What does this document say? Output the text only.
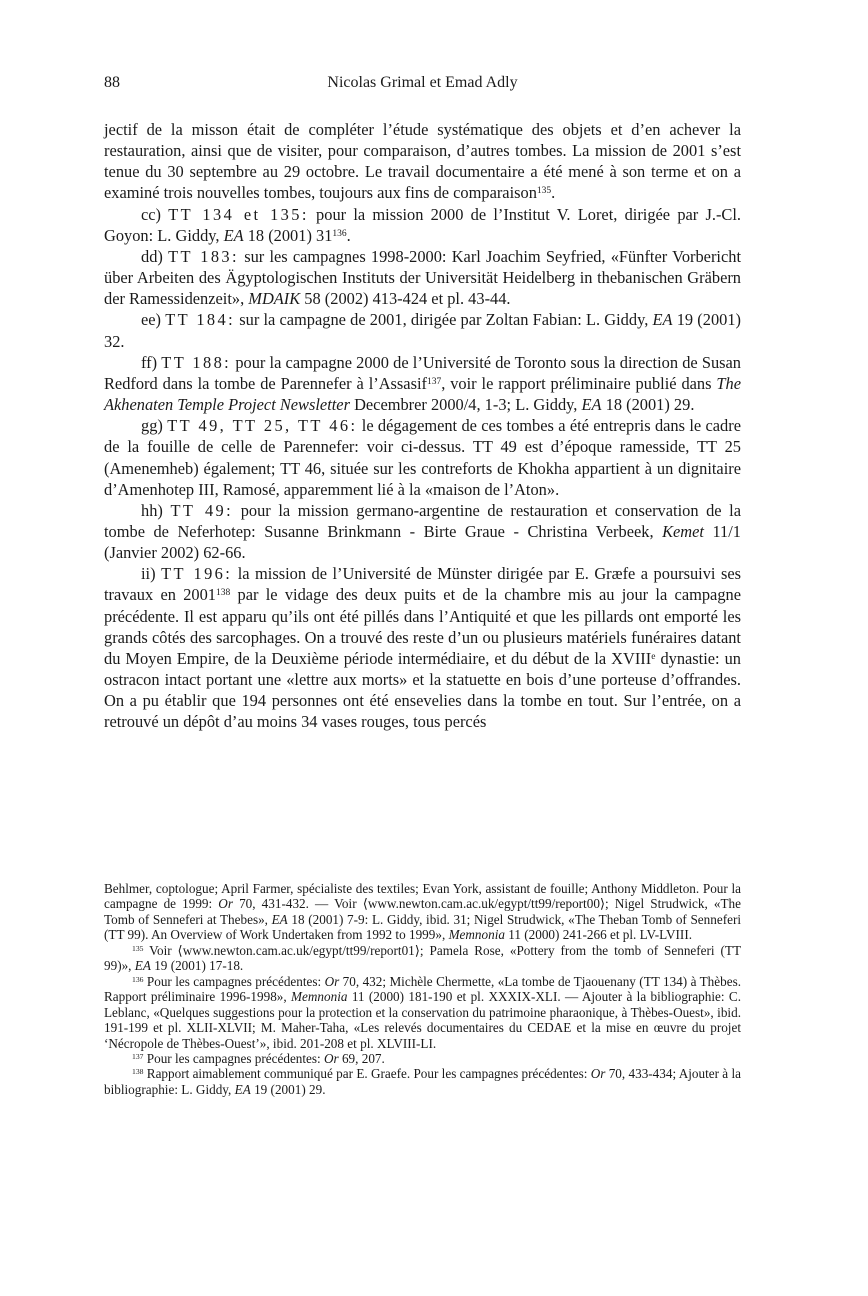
88	Nicolas Grimal et Emad Adly

jectif de la misson était de compléter l’étude systématique des objets et d’en achever la restauration, ainsi que de visiter, pour comparaison, d’autres tombes. La mission de 2001 s’est tenue du 30 septembre au 29 octobre. Le travail documentaire a été mené à son terme et on a examiné trois nouvelles tombes, toujours aux fins de comparaison$^{135}$.

cc) TT 134 et 135: pour la mission 2000 de l’Institut V. Loret, dirigée par J.-Cl. Goyon: L. Giddy, EA 18 (2001) $31^{136}$.

dd) TT 183: sur les campagnes 1998-2000: Karl Joachim Seyfried, «Fünfter Vorbericht über Arbeiten des Ägyptologischen Instituts der Universität Heidelberg in thebanischen Gräbern der Ramessidenzeit», MDAIK 58 (2002) 413-424 et pl. 43-44.

ee) TT 184: sur la campagne de 2001, dirigée par Zoltan Fabian: L. Giddy, EA 19 (2001) 32.

ff) TT 188: pour la campagne 2000 de l’Université de Toronto sous la direction de Susan Redford dans la tombe de Parennefer à l’Assasif$^{137}$, voir le rapport préliminaire publié dans The Akhenaten Temple Project Newsletter Decembrer 2000/4, 1-3; L. Giddy, EA 18 (2001) 29.

gg) TT 49, TT 25, TT 46: le dégagement de ces tombes a été entrepris dans le cadre de la fouille de celle de Parennefer: voir ci-dessus. TT 49 est d’époque ramesside, TT 25 (Amenemheb) également; TT 46, située sur les contreforts de Khokha appartient à un dignitaire d’Amenhotep III, Ramosé, apparemment lié à la «maison de l’Aton».

hh) TT 49: pour la mission germano-argentine de restauration et conservation de la tombe de Neferhotep: Susanne Brinkmann - Birte Graue - Christina Verbeek, Kemet 11/1 (Janvier 2002) 62-66.

ii) TT 196: la mission de l’Université de Münster dirigée par E. Græfe a poursuivi ses travaux en 2001$^{138}$ par le vidage des deux puits et de la chambre mis au jour la campagne précédente. Il est apparu qu’ils ont été pillés dans l’Antiquité et que les pillards ont emporté les grands côtés des sarcophages. On a trouvé des reste d’un ou plusieurs matériels funéraires datant du Moyen Empire, de la Deuxième période intermédiaire, et du début de la XVIIIe dynastie: un ostracon intact portant une «lettre aux morts» et la statuette en bois d’une porteuse d’offrandes. On a pu établir que 194 personnes ont été ensevelies dans la tombe en tout. Sur l’entrée, on a retrouvé un dépôt d’au moins 34 vases rouges, tous percés

Behlmer, coptologue; April Farmer, spécialiste des textiles; Evan York, assistant de fouille; Anthony Middleton. Pour la campagne de 1999: Or 70, 431-432. — Voir ⟨www.newton.cam.ac.uk/egypt/tt99/report00⟩; Nigel Strudwick, «The Tomb of Senneferi at Thebes», EA 18 (2001) 7-9: L. Giddy, ibid. 31; Nigel Strudwick, «The Theban Tomb of Senneferi (TT 99). An Overview of Work Undertaken from 1992 to 1999», Memnonia 11 (2000) 241-266 et pl. LV-LVIII.

$^{135}$ Voir ⟨www.newton.cam.ac.uk/egypt/tt99/report01⟩; Pamela Rose, «Pottery from the tomb of Senneferi (TT 99)», EA 19 (2001) 17-18.

$^{136}$ Pour les campagnes précédentes: Or 70, 432; Michèle Chermette, «La tombe de Tjaouenany (TT 134) à Thèbes. Rapport préliminaire 1996-1998», Memnonia 11 (2000) 181-190 et pl. XXXIX-XLI. — Ajouter à la bibliographie: C. Leblanc, «Quelques suggestions pour la protection et la conservation du patrimoine pharaonique, à Thèbes-Ouest», ibid. 191-199 et pl. XLII-XLVII; M. Maher-Taha, «Les relevés documentaires du CEDAE et la mise en œuvre du projet ‘Nécropole de Thèbes-Ouest’», ibid. 201-208 et pl. XLVIII-LI.

$^{137}$ Pour les campagnes précédentes: Or 69, 207.

$^{138}$ Rapport aimablement communiqué par E. Graefe. Pour les campagnes précédentes: Or 70, 433-434; Ajouter à la bibliographie: L. Giddy, EA 19 (2001) 29.
